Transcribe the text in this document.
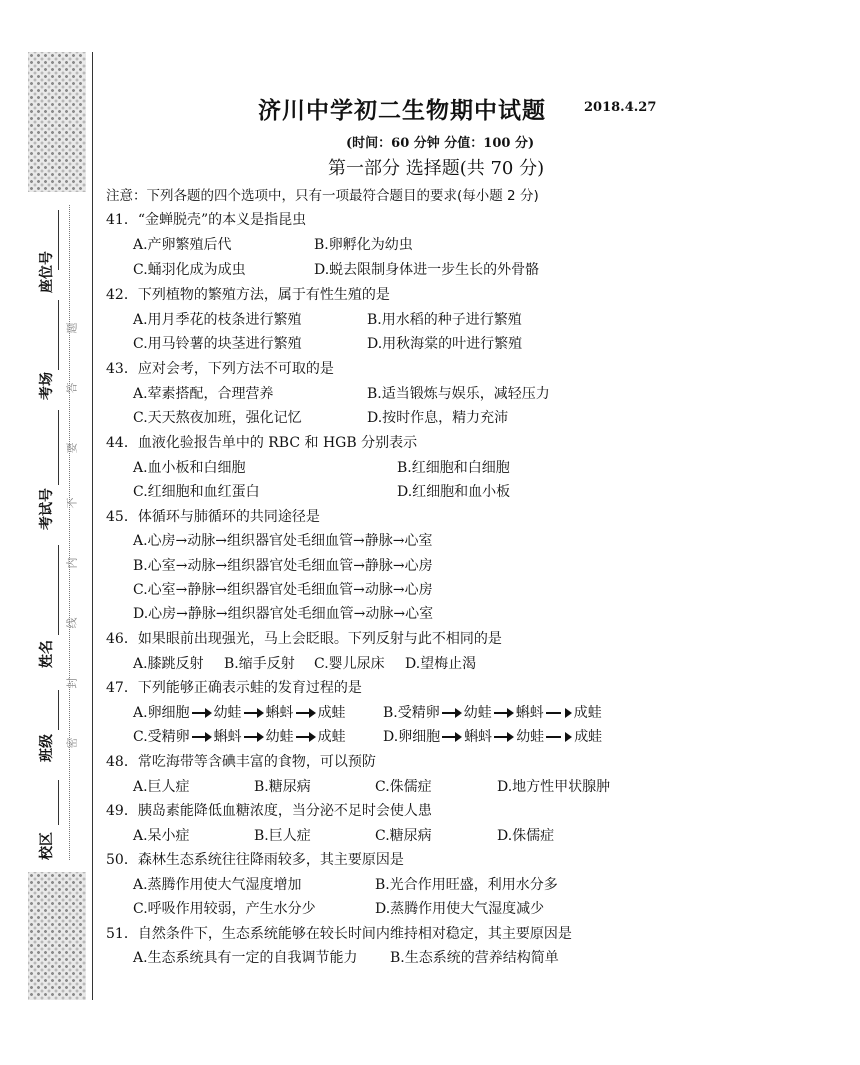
座位号
考场
考试号
姓名
班级
校区
密
封
线
内
不
要
答
题
济川中学初二生物期中试题	2018.4.27
(时间：60 分钟 分值：100 分)
第一部分 选择题(共 70 分)
注意：下列各题的四个选项中，只有一项最符合题目的要求(每小题 2 分)
41．“金蝉脱壳”的本义是指昆虫
A.产卵繁殖后代	B.卵孵化为幼虫
C.蛹羽化成为成虫	D.蜕去限制身体进一步生长的外骨骼
42．下列植物的繁殖方法，属于有性生殖的是
A.用月季花的枝条进行繁殖	B.用水稻的种子进行繁殖
C.用马铃薯的块茎进行繁殖	D.用秋海棠的叶进行繁殖
43．应对会考，下列方法不可取的是
A.荤素搭配，合理营养	B.适当锻炼与娱乐，减轻压力
C.天天熬夜加班，强化记忆	D.按时作息，精力充沛
44．血液化验报告单中的 RBC 和 HGB 分别表示
A.血小板和白细胞	B.红细胞和白细胞
C.红细胞和血红蛋白	D.红细胞和血小板
45．体循环与肺循环的共同途径是
A.心房→动脉→组织器官处毛细血管→静脉→心室
B.心室→动脉→组织器官处毛细血管→静脉→心房
C.心室→静脉→组织器官处毛细血管→动脉→心房
D.心房→静脉→组织器官处毛细血管→动脉→心室
46．如果眼前出现强光，马上会眨眼。下列反射与此不相同的是
A.膝跳反射 B.缩手反射 C.婴儿尿床 D.望梅止渴
47．下列能够正确表示蛙的发育过程的是
A.卵细胞 幼蛙 蝌蚪 成蛙	B.受精卵 幼蛙 蝌蚪 成蛙
C.受精卵 蝌蚪 幼蛙 成蛙	D.卵细胞 蝌蚪 幼蛙 成蛙
48．常吃海带等含碘丰富的食物，可以预防
A.巨人症	B.糖尿病	C.侏儒症	D.地方性甲状腺肿
49．胰岛素能降低血糖浓度，当分泌不足时会使人患
A.呆小症	B.巨人症	C.糖尿病	D.侏儒症
50．森林生态系统往往降雨较多，其主要原因是
A.蒸腾作用使大气湿度增加	B.光合作用旺盛，利用水分多
C.呼吸作用较弱，产生水分少	D.蒸腾作用使大气湿度减少
51．自然条件下，生态系统能够在较长时间内维持相对稳定，其主要原因是
A.生态系统具有一定的自我调节能力 B.生态系统的营养结构简单
